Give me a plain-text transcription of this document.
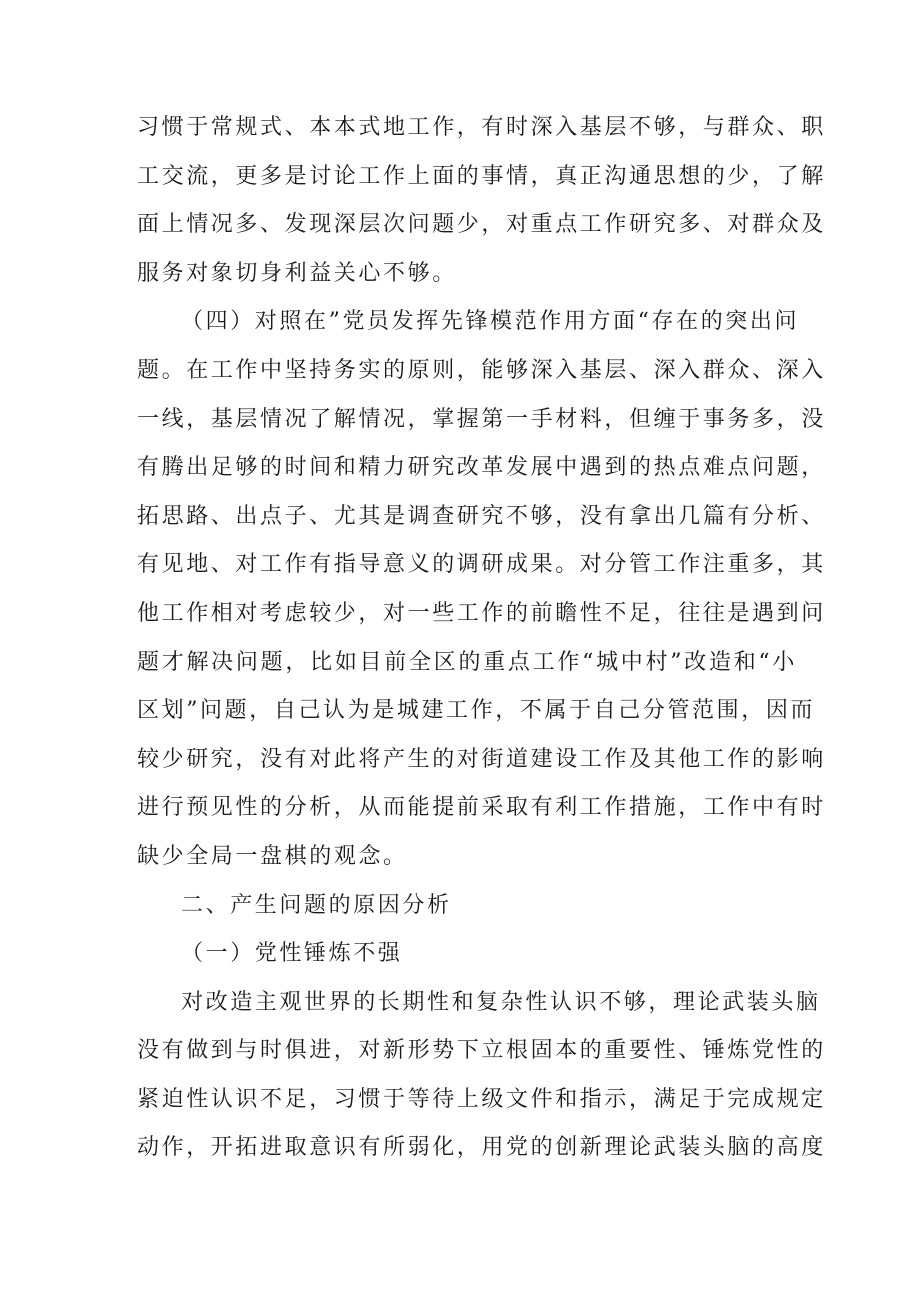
习惯于常规式、本本式地工作，有时深入基层不够，与群众、职
工交流，更多是讨论工作上面的事情，真正沟通思想的少，了解
面上情况多、发现深层次问题少，对重点工作研究多、对群众及
服务对象切身利益关心不够。
（四）对照在”党员发挥先锋模范作用方面“存在的突出问
题。在工作中坚持务实的原则，能够深入基层、深入群众、深入
一线，基层情况了解情况，掌握第一手材料，但缠于事务多，没
有腾出足够的时间和精力研究改革发展中遇到的热点难点问题，
拓思路、出点子、尤其是调查研究不够，没有拿出几篇有分析、
有见地、对工作有指导意义的调研成果。对分管工作注重多，其
他工作相对考虑较少，对一些工作的前瞻性不足，往往是遇到问
题才解决问题，比如目前全区的重点工作“城中村”改造和“小
区划”问题，自己认为是城建工作，不属于自己分管范围，因而
较少研究，没有对此将产生的对街道建设工作及其他工作的影响
进行预见性的分析，从而能提前采取有利工作措施，工作中有时
缺少全局一盘棋的观念。
二、产生问题的原因分析
（一）党性锤炼不强
对改造主观世界的长期性和复杂性认识不够，理论武装头脑
没有做到与时俱进，对新形势下立根固本的重要性、锤炼党性的
紧迫性认识不足，习惯于等待上级文件和指示，满足于完成规定
动作，开拓进取意识有所弱化，用党的创新理论武装头脑的高度
